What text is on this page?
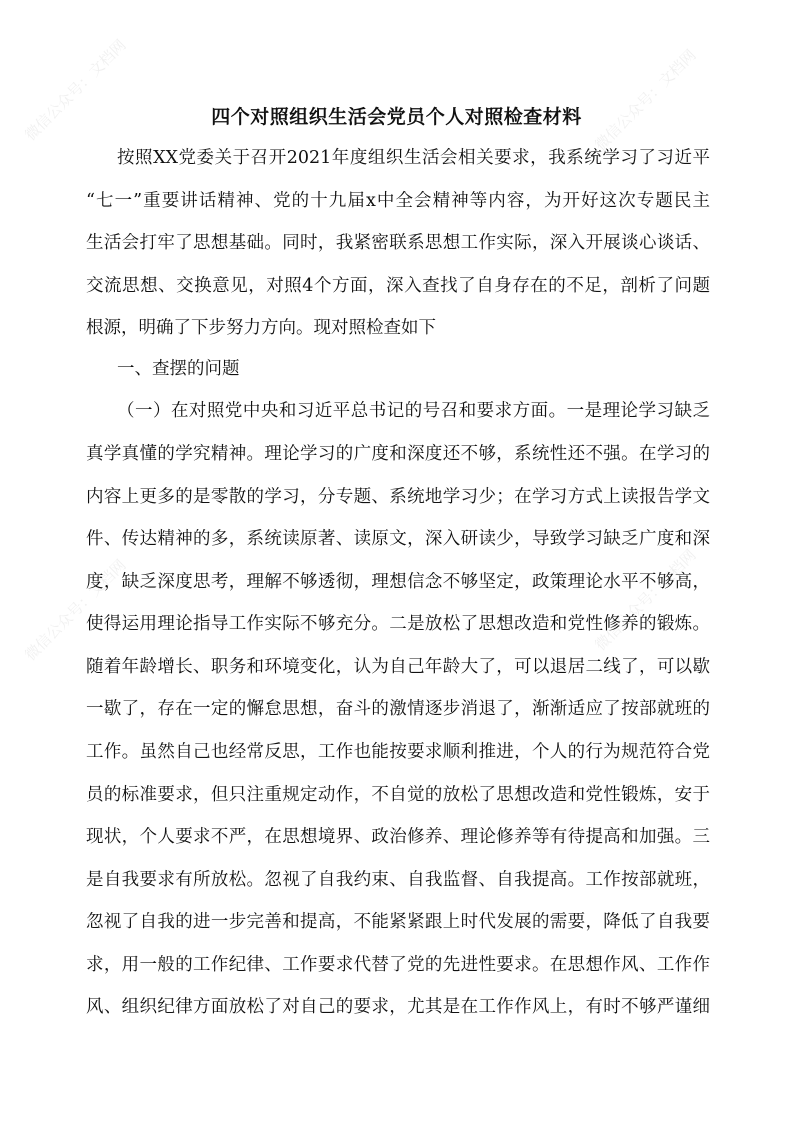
微信公众号：文档网	微信公众号：文档网
微信公众号：文档网	微信公众号：文档网
四个对照组织生活会党员个人对照检查材料
按照XX党委关于召开2021年度组织生活会相关要求，我系统学习了习近平
“七一”重要讲话精神、党的十九届x中全会精神等内容，为开好这次专题民主
生活会打牢了思想基础。同时，我紧密联系思想工作实际，深入开展谈心谈话、
交流思想、交换意见，对照4个方面，深入查找了自身存在的不足，剖析了问题
根源，明确了下步努力方向。现对照检查如下
一、查摆的问题
（一）在对照党中央和习近平总书记的号召和要求方面。一是理论学习缺乏
真学真懂的学究精神。理论学习的广度和深度还不够，系统性还不强。在学习的
内容上更多的是零散的学习，分专题、系统地学习少；在学习方式上读报告学文
件、传达精神的多，系统读原著、读原文，深入研读少，导致学习缺乏广度和深
度，缺乏深度思考，理解不够透彻，理想信念不够坚定，政策理论水平不够高，
使得运用理论指导工作实际不够充分。二是放松了思想改造和党性修养的锻炼。
随着年龄增长、职务和环境变化，认为自己年龄大了，可以退居二线了，可以歇
一歇了，存在一定的懈怠思想，奋斗的激情逐步消退了，渐渐适应了按部就班的
工作。虽然自己也经常反思，工作也能按要求顺利推进，个人的行为规范符合党
员的标准要求，但只注重规定动作，不自觉的放松了思想改造和党性锻炼，安于
现状，个人要求不严，在思想境界、政治修养、理论修养等有待提高和加强。三
是自我要求有所放松。忽视了自我约束、自我监督、自我提高。工作按部就班，
忽视了自我的进一步完善和提高，不能紧紧跟上时代发展的需要，降低了自我要
求，用一般的工作纪律、工作要求代替了党的先进性要求。在思想作风、工作作
风、组织纪律方面放松了对自己的要求，尤其是在工作作风上，有时不够严谨细
